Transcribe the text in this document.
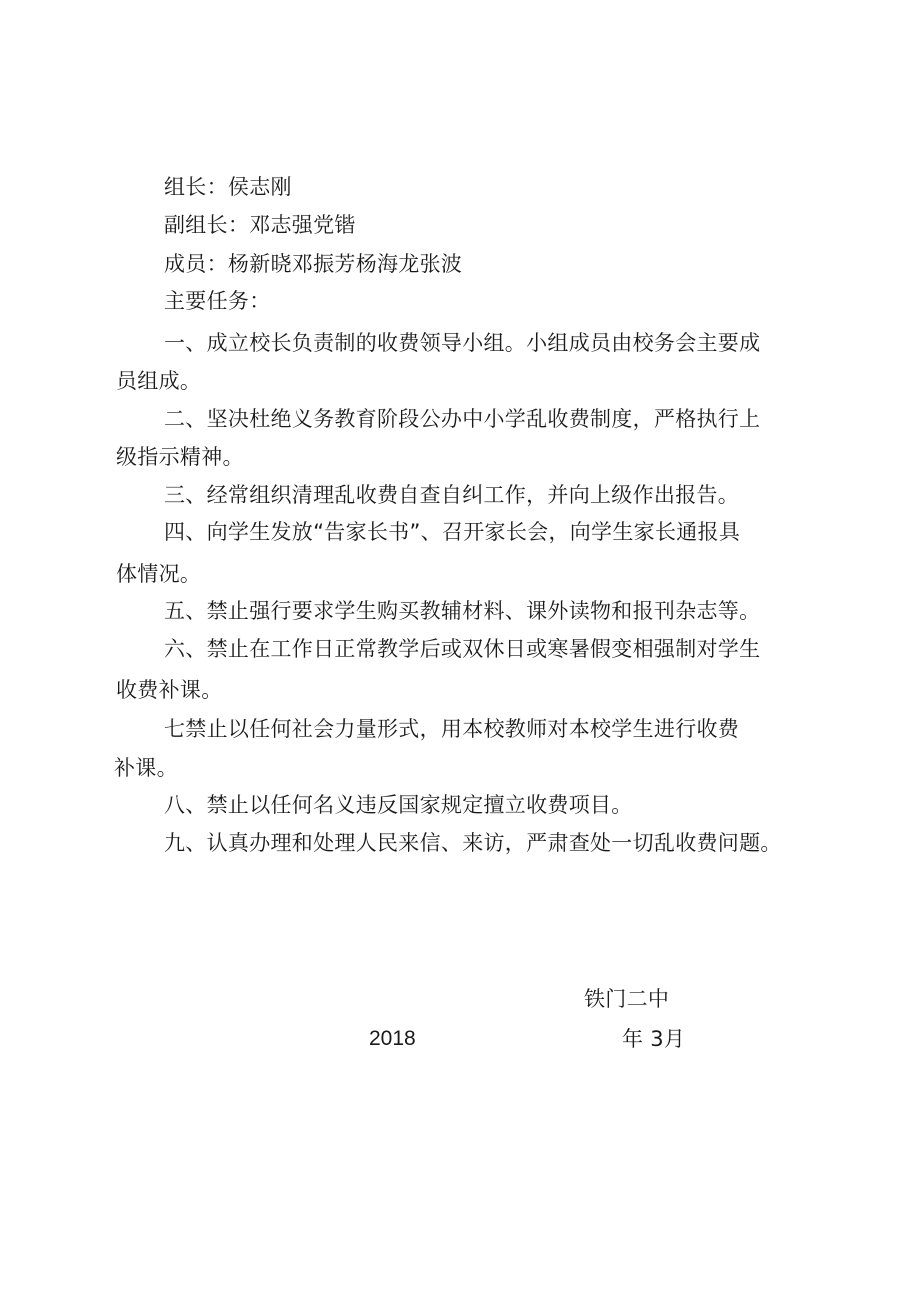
组长：侯志刚
副组长：邓志强党锴
成员：杨新晓邓振芳杨海龙张波
主要任务：
一、成立校长负责制的收费领导小组。小组成员由校务会主要成
员组成。
二、坚决杜绝义务教育阶段公办中小学乱收费制度，严格执行上
级指示精神。
三、经常组织清理乱收费自查自纠工作，并向上级作出报告。
四、向学生发放“告家长书”、召开家长会，向学生家长通报具
体情况。
五、禁止强行要求学生购买教辅材料、课外读物和报刊杂志等。
六、禁止在工作日正常教学后或双休日或寒暑假变相强制对学生
收费补课。
七禁止以任何社会力量形式，用本校教师对本校学生进行收费
补课。
八、禁止以任何名义违反国家规定擅立收费项目。
九、认真办理和处理人民来信、来访，严肃查处一切乱收费问题。
铁门二中
2018	年 3月
